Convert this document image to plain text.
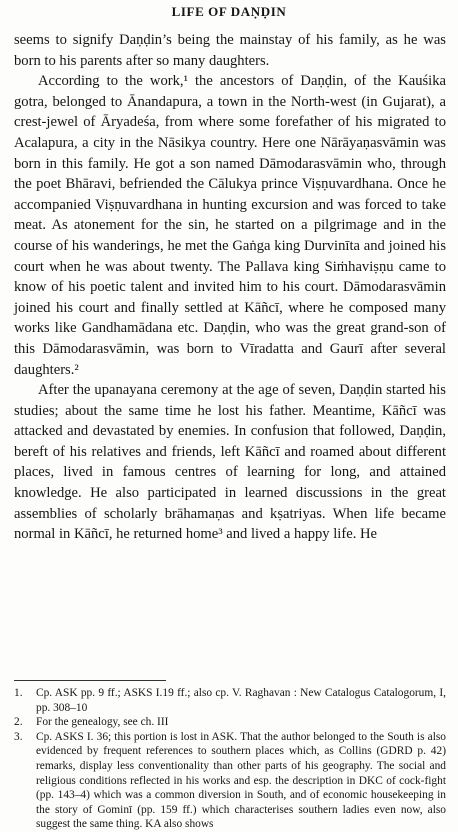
LIFE OF DAṆḌIN

seems to signify Daṇḍin’s being the mainstay of his family, as he was born to his parents after so many daughters.

According to the work,¹ the ancestors of Daṇḍin, of the Kauśika gotra, belonged to Ānandapura, a town in the North-west (in Gujarat), a crest-jewel of Āryadeśa, from where some forefather of his migrated to Acalapura, a city in the Nāsikya country. Here one Nārāyaṇasvāmin was born in this family. He got a son named Dāmodarasvāmin who, through the poet Bhāravi, befriended the Cālukya prince Viṣṇuvardhana. Once he accompanied Viṣṇuvardhana in hunting excursion and was forced to take meat. As atonement for the sin, he started on a pilgrimage and in the course of his wanderings, he met the Gaṅga king Durvinīta and joined his court when he was about twenty. The Pallava king Siṁhaviṣṇu came to know of his poetic talent and invited him to his court. Dāmodarasvāmin joined his court and finally settled at Kāñcī, where he composed many works like Gandhamādana etc. Daṇḍin, who was the great grand-son of this Dāmodarasvāmin, was born to Vīradatta and Gaurī after several daughters.²

After the upanayana ceremony at the age of seven, Daṇḍin started his studies; about the same time he lost his father. Meantime, Kāñcī was attacked and devastated by enemies. In confusion that followed, Daṇḍin, bereft of his relatives and friends, left Kāñcī and roamed about different places, lived in famous centres of learning for long, and attained knowledge. He also participated in learned discussions in the great assemblies of scholarly brāhamaṇas and kṣatriyas. When life became normal in Kāñcī, he returned home³ and lived a happy life. He

1. Cp. ASK pp. 9 ff.; ASKS I.19 ff.; also cp. V. Raghavan : New Catalogus Catalogorum, I, pp. 308–10
2. For the genealogy, see ch. III
3. Cp. ASKS I. 36; this portion is lost in ASK. That the author belonged to the South is also evidenced by frequent references to southern places which, as Collins (GDRD p. 42) remarks, display less conventionality than other parts of his geography. The social and religious conditions reflected in his works and esp. the description in DKC of cock-fight (pp. 143–4) which was a common diversion in South, and of economic housekeeping in the story of Gominī (pp. 159 ff.) which characterises southern ladies even now, also suggest the same thing. KA also shows
